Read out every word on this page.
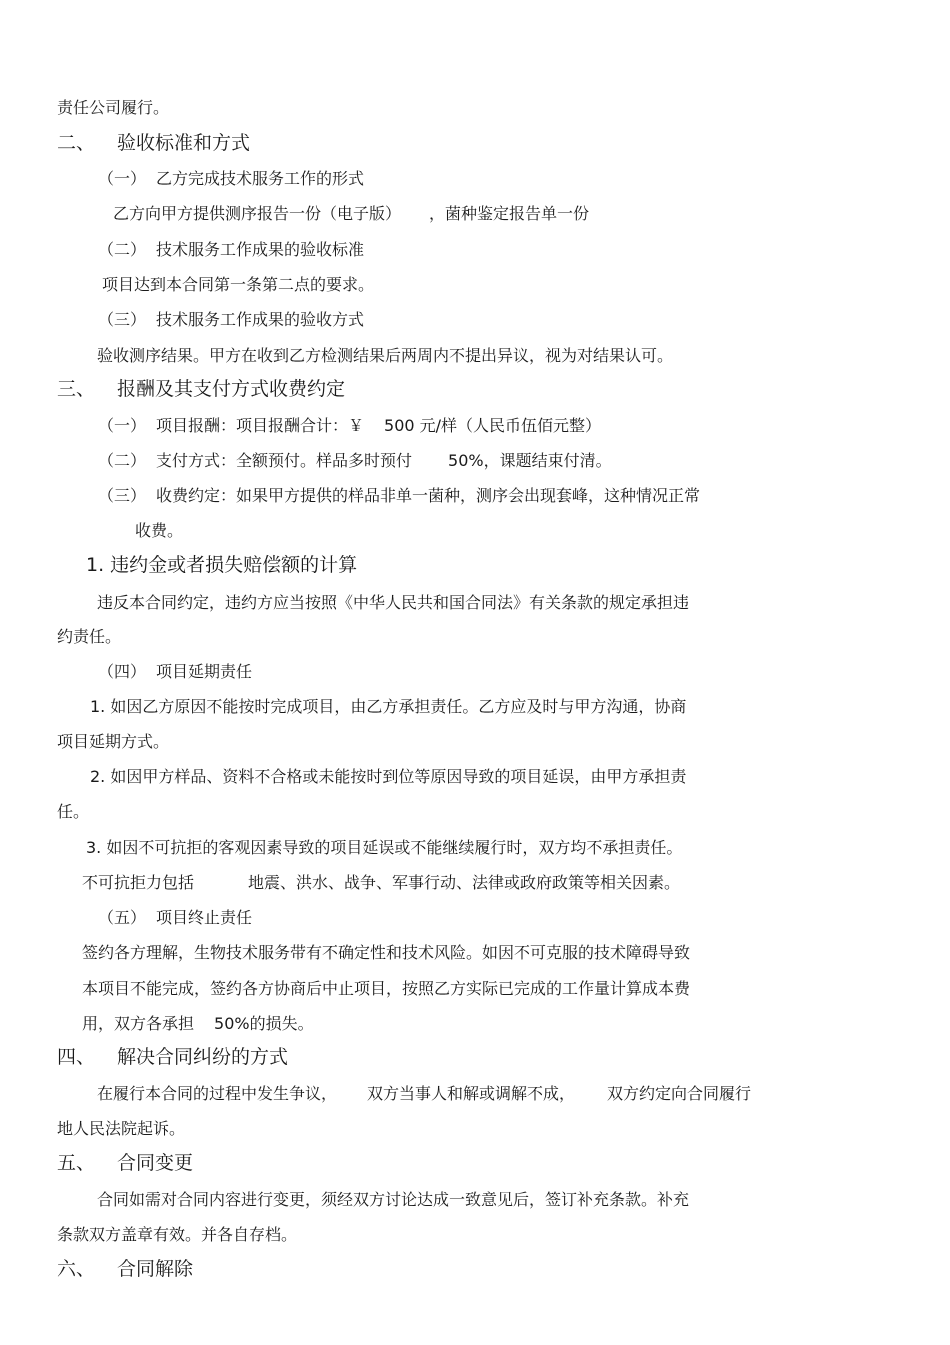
责任公司履行。

二、 验收标准和方式

（一） 乙方完成技术服务工作的形式

乙方向甲方提供测序报告一份（电子版） ，菌种鉴定报告单一份

（二） 技术服务工作成果的验收标准

项目达到本合同第一条第二点的要求。

（三） 技术服务工作成果的验收方式

验收测序结果。甲方在收到乙方检测结果后两周内不提出异议，视为对结果认可。

三、 报酬及其支付方式收费约定

（一） 项目报酬：项目报酬合计：￥ 500 元/样（人民币伍佰元整）

（二） 支付方式：全额预付。样品多时预付 50%，课题结束付清。

（三） 收费约定：如果甲方提供的样品非单一菌种，测序会出现套峰，这种情况正常

收费。

1. 违约金或者损失赔偿额的计算

违反本合同约定，违约方应当按照《中华人民共和国合同法》有关条款的规定承担违

约责任。

（四） 项目延期责任

1. 如因乙方原因不能按时完成项目，由乙方承担责任。乙方应及时与甲方沟通，协商

项目延期方式。

2. 如因甲方样品、资料不合格或未能按时到位等原因导致的项目延误，由甲方承担责

任。

3. 如因不可抗拒的客观因素导致的项目延误或不能继续履行时，双方均不承担责任。

不可抗拒力包括	地震、洪水、战争、军事行动、法律或政府政策等相关因素。

（五） 项目终止责任

签约各方理解，生物技术服务带有不确定性和技术风险。如因不可克服的技术障碍导致

本项目不能完成，签约各方协商后中止项目，按照乙方实际已完成的工作量计算成本费

用，双方各承担 50%的损失。

四、 解决合同纠纷的方式

在履行本合同的过程中发生争议， 双方当事人和解或调解不成， 双方约定向合同履行

地人民法院起诉。

五、 合同变更

合同如需对合同内容进行变更，须经双方讨论达成一致意见后，签订补充条款。补充

条款双方盖章有效。并各自存档。

六、 合同解除
